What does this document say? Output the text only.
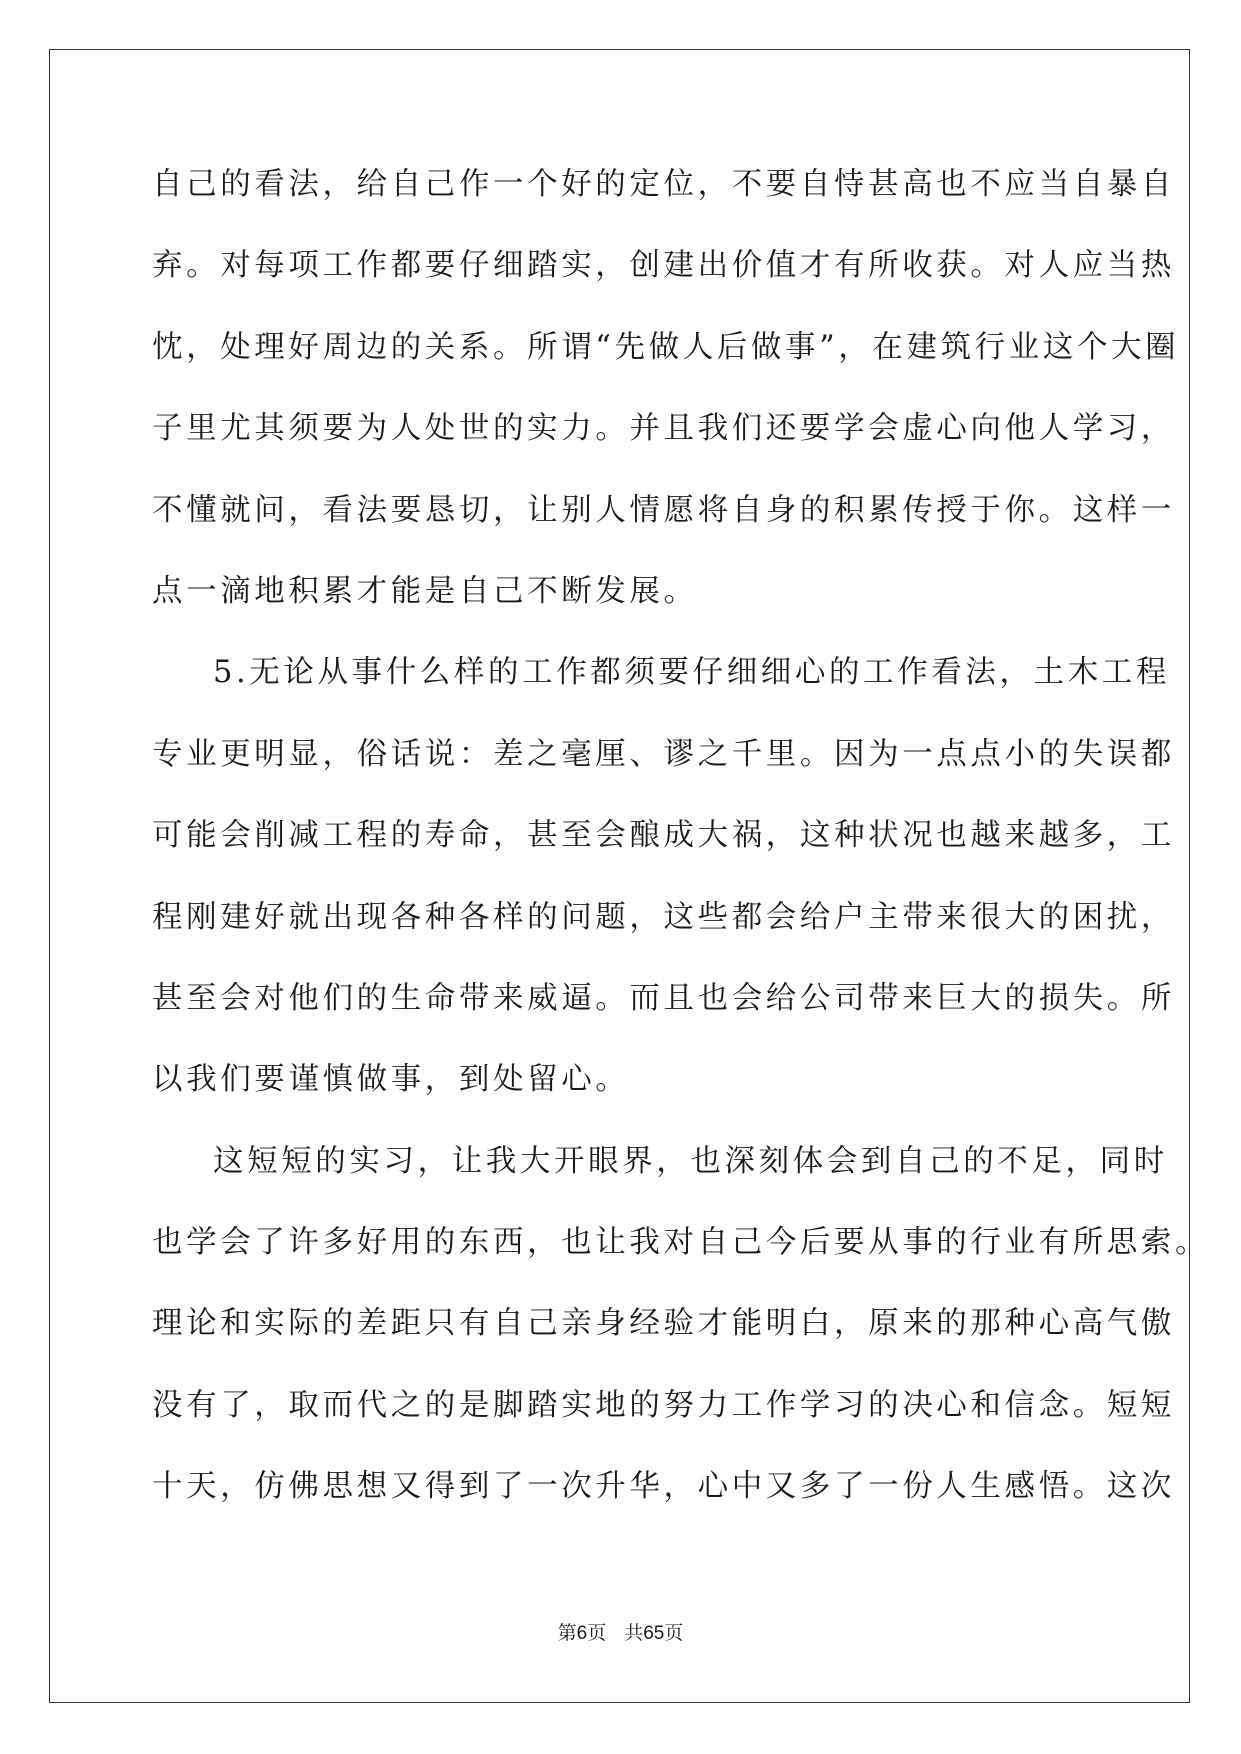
自己的看法，给自己作一个好的定位，不要自恃甚高也不应当自暴自
弃。对每项工作都要仔细踏实，创建出价值才有所收获。对人应当热
忱，处理好周边的关系。所谓“先做人后做事”，在建筑行业这个大圈
子里尤其须要为人处世的实力。并且我们还要学会虚心向他人学习，
不懂就问，看法要恳切，让别人情愿将自身的积累传授于你。这样一
点一滴地积累才能是自己不断发展。
5.无论从事什么样的工作都须要仔细细心的工作看法，土木工程
专业更明显，俗话说：差之毫厘、谬之千里。因为一点点小的失误都
可能会削减工程的寿命，甚至会酿成大祸，这种状况也越来越多，工
程刚建好就出现各种各样的问题，这些都会给户主带来很大的困扰，
甚至会对他们的生命带来威逼。而且也会给公司带来巨大的损失。所
以我们要谨慎做事，到处留心。
这短短的实习，让我大开眼界，也深刻体会到自己的不足，同时
也学会了许多好用的东西，也让我对自己今后要从事的行业有所思索。
理论和实际的差距只有自己亲身经验才能明白，原来的那种心高气傲
没有了，取而代之的是脚踏实地的努力工作学习的决心和信念。短短
十天，仿佛思想又得到了一次升华，心中又多了一份人生感悟。这次
第6页 共65页
